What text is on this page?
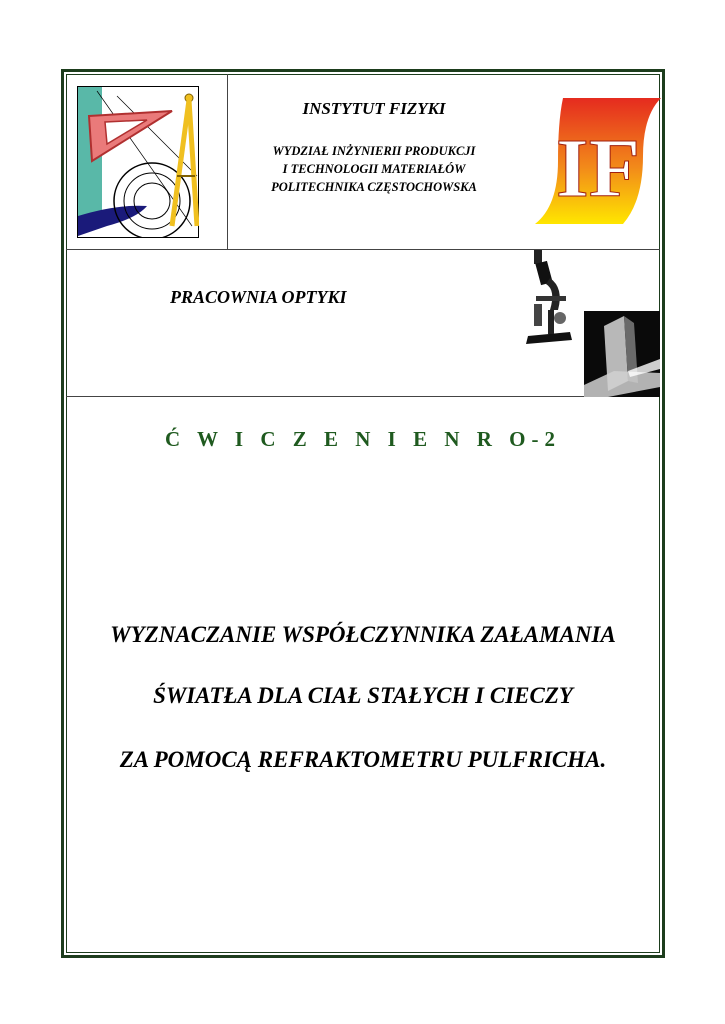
INSTYTUT FIZYKI
WYDZIAŁ INŻYNIERII PRODUKCJI
I TECHNOLOGII MATERIAŁÓW
POLITECHNIKA CZĘSTOCHOWSKA IF
PRACOWNIA OPTYKI
Ć W I C Z E N I E N R O-2
WYZNACZANIE WSPÓŁCZYNNIKA ZAŁAMANIA
ŚWIATŁA DLA CIAŁ STAŁYCH I CIECZY
ZA POMOCĄ REFRAKTOMETRU PULFRICHA.
